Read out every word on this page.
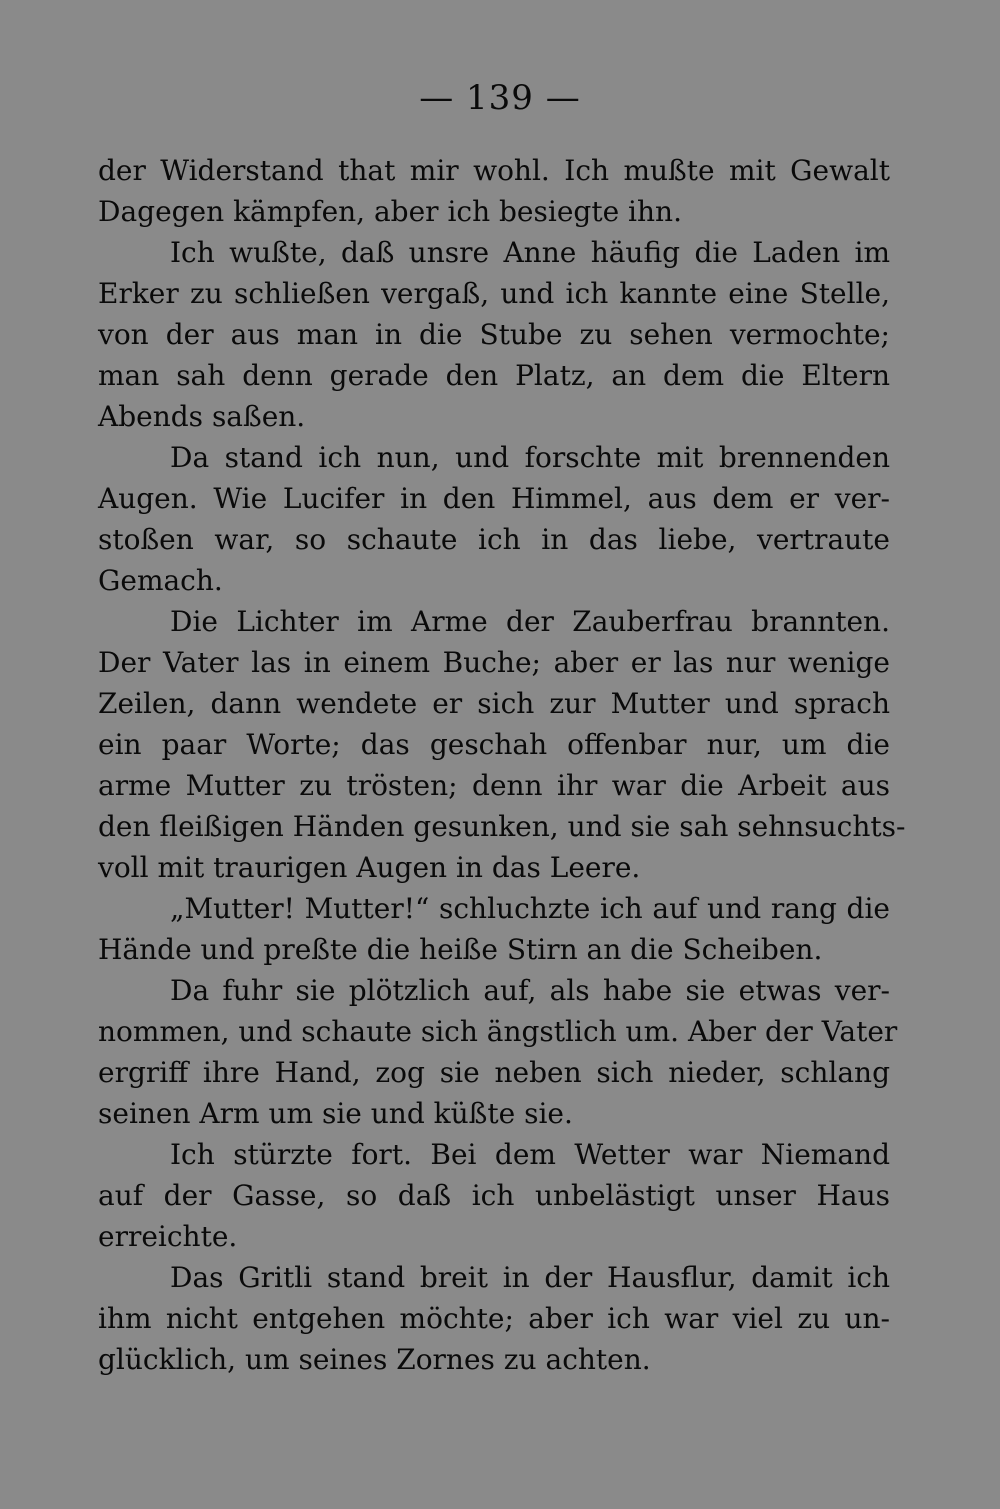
— 139 —
der Widerstand that mir wohl. Ich mußte mit Gewalt
Dagegen kämpfen, aber ich besiegte ihn.
Ich wußte, daß unsre Anne häufig die Laden im
Erker zu schließen vergaß, und ich kannte eine Stelle,
von der aus man in die Stube zu sehen vermochte;
man sah denn gerade den Platz, an dem die Eltern
Abends saßen.
Da stand ich nun, und forschte mit brennenden
Augen. Wie Lucifer in den Himmel, aus dem er ver-
stoßen war, so schaute ich in das liebe, vertraute
Gemach.
Die Lichter im Arme der Zauberfrau brannten.
Der Vater las in einem Buche; aber er las nur wenige
Zeilen, dann wendete er sich zur Mutter und sprach
ein paar Worte; das geschah offenbar nur, um die
arme Mutter zu trösten; denn ihr war die Arbeit aus
den fleißigen Händen gesunken, und sie sah sehnsuchts-
voll mit traurigen Augen in das Leere.
„Mutter! Mutter!“ schluchzte ich auf und rang die
Hände und preßte die heiße Stirn an die Scheiben.
Da fuhr sie plötzlich auf, als habe sie etwas ver-
nommen, und schaute sich ängstlich um. Aber der Vater
ergriff ihre Hand, zog sie neben sich nieder, schlang
seinen Arm um sie und küßte sie.
Ich stürzte fort. Bei dem Wetter war Niemand
auf der Gasse, so daß ich unbelästigt unser Haus
erreichte.
Das Gritli stand breit in der Hausflur, damit ich
ihm nicht entgehen möchte; aber ich war viel zu un-
glücklich, um seines Zornes zu achten.
